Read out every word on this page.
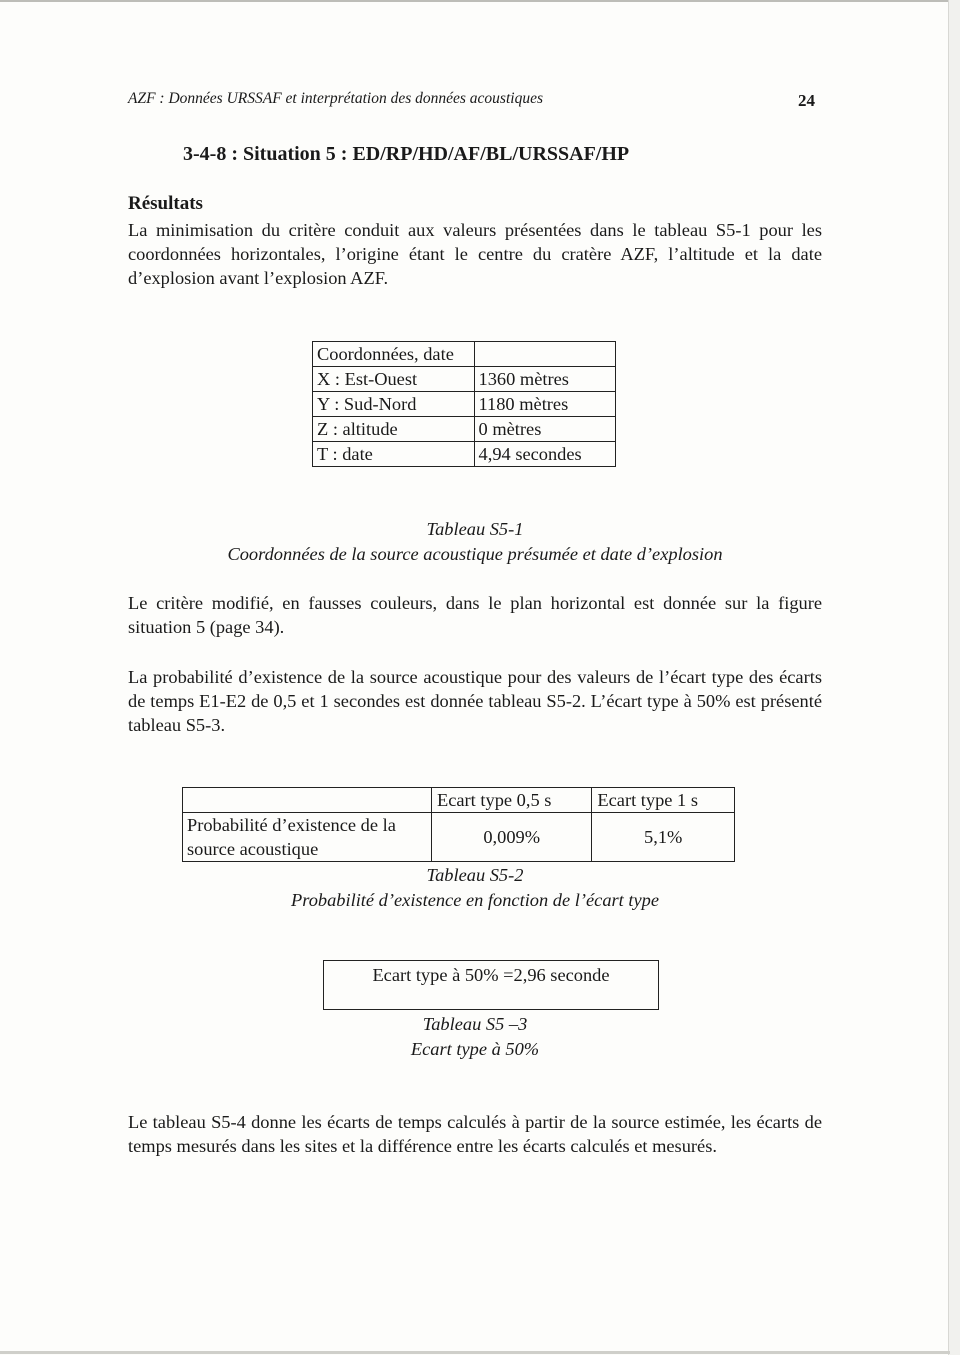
AZF : Données URSSAF et interprétation des données acoustiques	24
3-4-8 : Situation 5 : ED/RP/HD/AF/BL/URSSAF/HP
Résultats
La minimisation du critère conduit aux valeurs présentées dans le tableau S5-1 pour les coordonnées horizontales, l’origine étant le centre du cratère AZF, l’altitude et la date d’explosion avant l’explosion AZF.
Coordonnées, date	
X : Est-Ouest	1360 mètres
Y : Sud-Nord	1180 mètres
Z : altitude	0 mètres
T : date	4,94 secondes
Tableau S5-1
Coordonnées de la source acoustique présumée et date d’explosion
Le critère modifié, en fausses couleurs, dans le plan horizontal est donnée sur la figure situation 5 (page 34).
La probabilité d’existence de la source acoustique pour des valeurs de l’écart type des écarts de temps E1-E2 de 0,5 et 1 secondes est donnée tableau S5-2. L’écart type à 50% est présenté tableau S5-3.
	Ecart type 0,5 s	Ecart type 1 s
Probabilité d’existence de la source acoustique	0,009%	5,1%
Tableau S5-2
Probabilité d’existence en fonction de l’écart type
Ecart type à 50% =2,96 seconde
Tableau S5 –3
Ecart type à 50%
Le tableau S5-4 donne les écarts de temps calculés à partir de la source estimée, les écarts de temps mesurés dans les sites et la différence entre les écarts calculés et mesurés.
